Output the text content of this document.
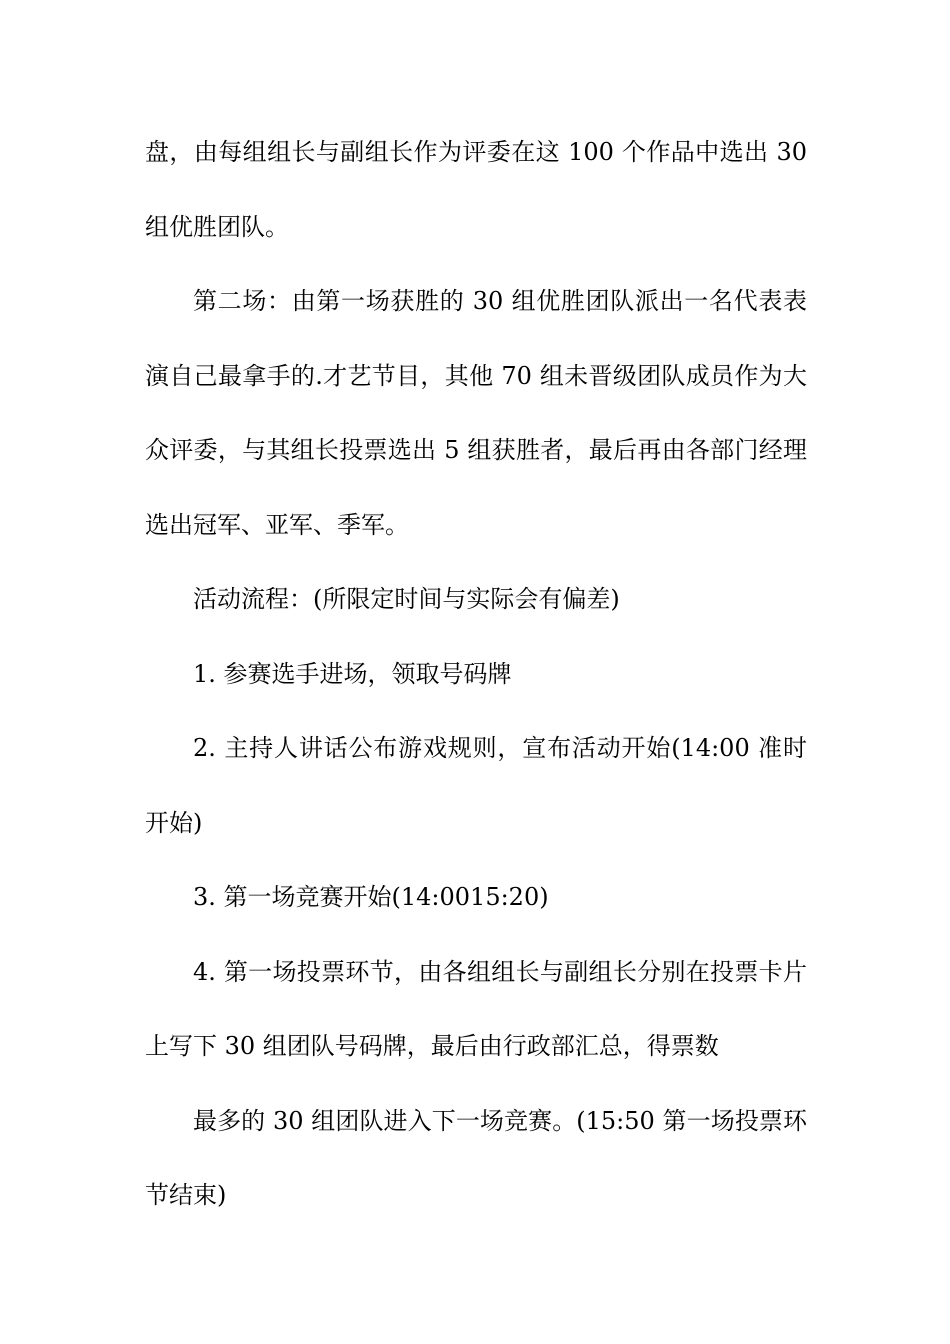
盘，由每组组长与副组长作为评委在这 100 个作品中选出 30 组优胜团队。

第二场：由第一场获胜的 30 组优胜团队派出一名代表表演自己最拿手的.才艺节目，其他 70 组未晋级团队成员作为大众评委，与其组长投票选出 5 组获胜者，最后再由各部门经理选出冠军、亚军、季军。

活动流程：(所限定时间与实际会有偏差)

1. 参赛选手进场，领取号码牌

2. 主持人讲话公布游戏规则，宣布活动开始(14:00 准时开始)

3. 第一场竞赛开始(14:0015:20)

4. 第一场投票环节，由各组组长与副组长分别在投票卡片上写下 30 组团队号码牌，最后由行政部汇总，得票数

最多的 30 组团队进入下一场竞赛。(15:50 第一场投票环节结束)
